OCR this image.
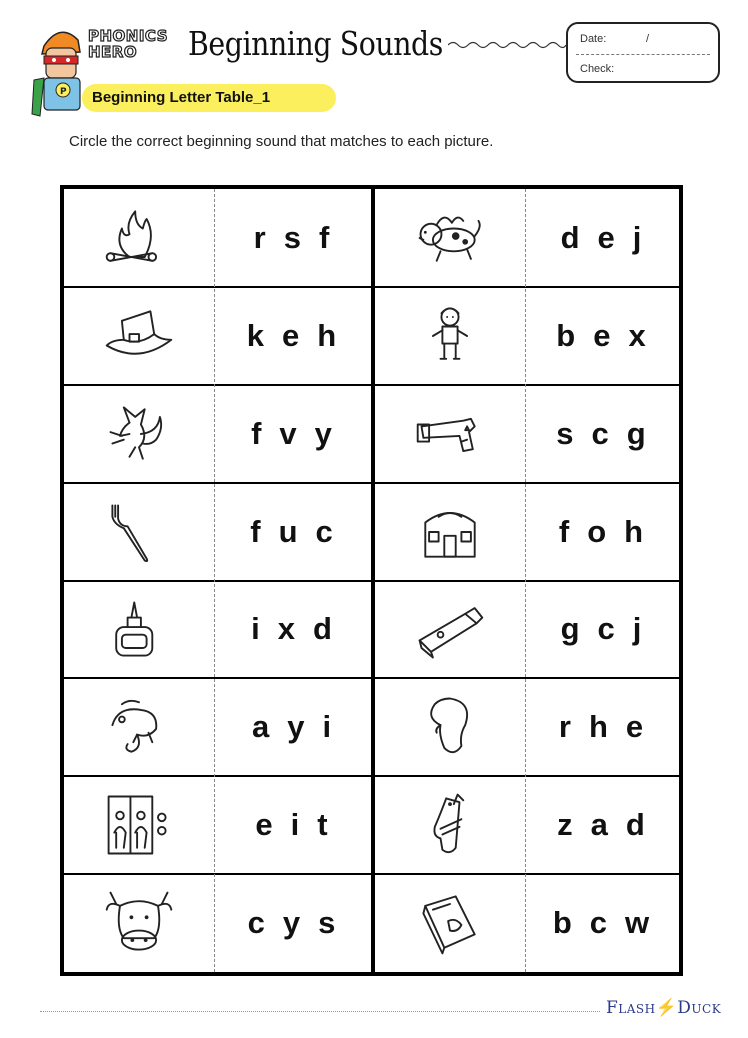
P
PHONICS
HERO	Beginning Sounds	Date:	/
Check:
Beginning Letter Table_1
Circle the correct beginning sound that matches to each picture.
r s f	d e j
k e h	b e x
f v y	s c g
f u c	f o h
i x d	g c j
a y i	r h e
e i t	z a d
c y s	b c w
Flash⚡Duck
